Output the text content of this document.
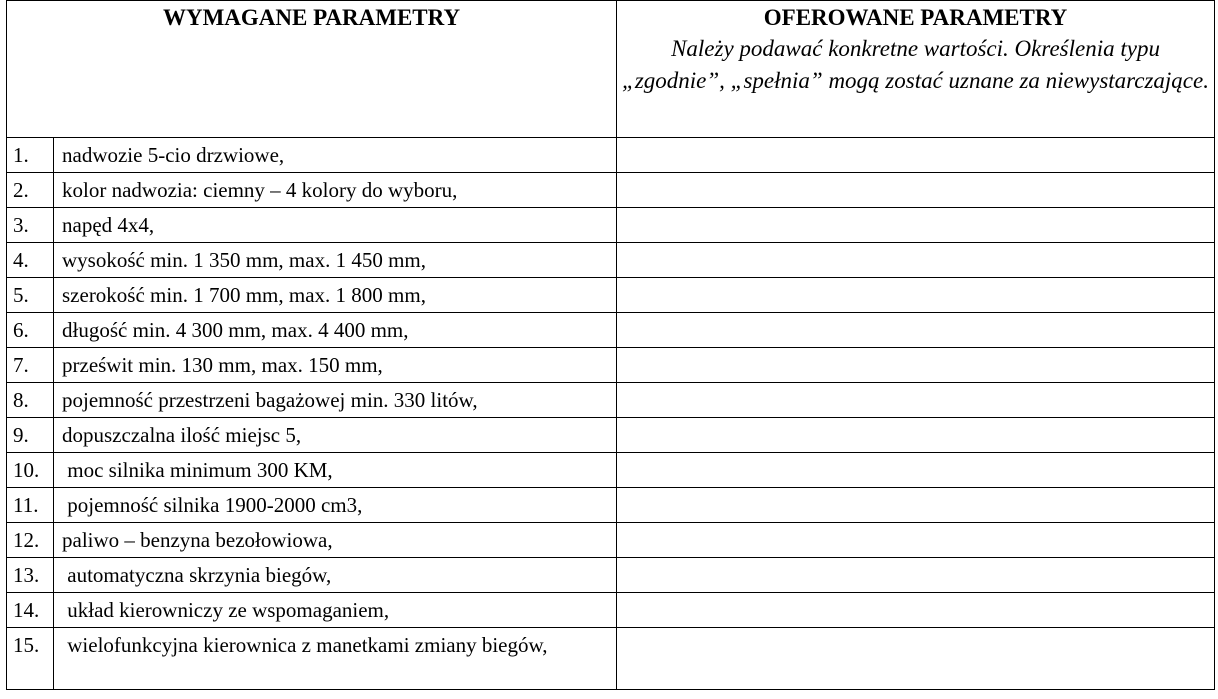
WYMAGANE PARAMETRY		OFEROWANE PARAMETRY
Należy podawać konkretne wartości. Określenia typu „zgodnie”, „spełnia” mogą zostać uznane za niewystarczające.

1.	nadwozie 5-cio drzwiowe,	
2.	kolor nadwozia: ciemny – 4 kolory do wyboru,	
3.	napęd 4x4,	
4.	wysokość min. 1 350 mm, max. 1 450 mm,	
5.	szerokość min. 1 700 mm, max. 1 800 mm,	
6.	długość min. 4 300 mm, max. 4 400 mm,	
7.	prześwit min. 130 mm, max. 150 mm,	
8.	pojemność przestrzeni bagażowej min. 330 litów,	
9.	dopuszczalna ilość miejsc 5,	
10.	moc silnika minimum 300 KM,	
11.	pojemność silnika 1900-2000 cm3,	
12.	paliwo – benzyna bezołowiowa,	
13.	automatyczna skrzynia biegów,	
14.	układ kierowniczy ze wspomaganiem,	
15.	wielofunkcyjna kierownica z manetkami zmiany biegów,	
